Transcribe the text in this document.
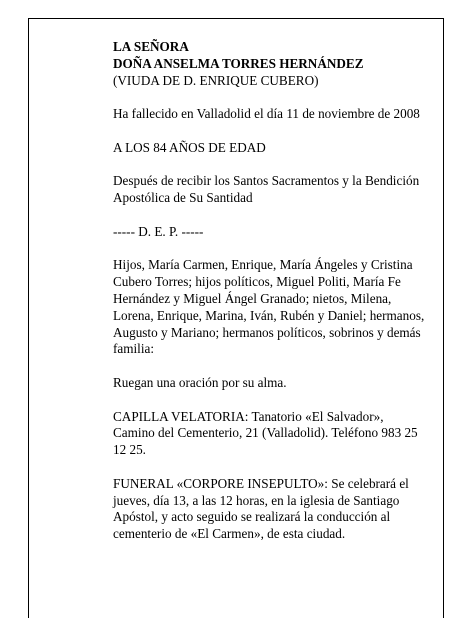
LA SEÑORA
DOÑA ANSELMA TORRES HERNÁNDEZ
(VIUDA DE D. ENRIQUE CUBERO)

Ha fallecido en Valladolid el día 11 de noviembre de 2008

A LOS 84 AÑOS DE EDAD

Después de recibir los Santos Sacramentos y la Bendición Apostólica de Su Santidad

----- D. E. P. -----

Hijos, María Carmen, Enrique, María Ángeles y Cristina Cubero Torres; hijos políticos, Miguel Politi, María Fe Hernández y Miguel Ángel Granado; nietos, Milena, Lorena, Enrique, Marina, Iván, Rubén y Daniel; hermanos, Augusto y Mariano; hermanos políticos, sobrinos y demás familia:

Ruegan una oración por su alma.

CAPILLA VELATORIA: Tanatorio «El Salvador», Camino del Cementerio, 21 (Valladolid). Teléfono 983 25 12 25.

FUNERAL «CORPORE INSEPULTO»: Se celebrará el jueves, día 13, a las 12 horas, en la iglesia de Santiago Apóstol, y acto seguido se realizará la conducción al cementerio de «El Carmen», de esta ciudad.
